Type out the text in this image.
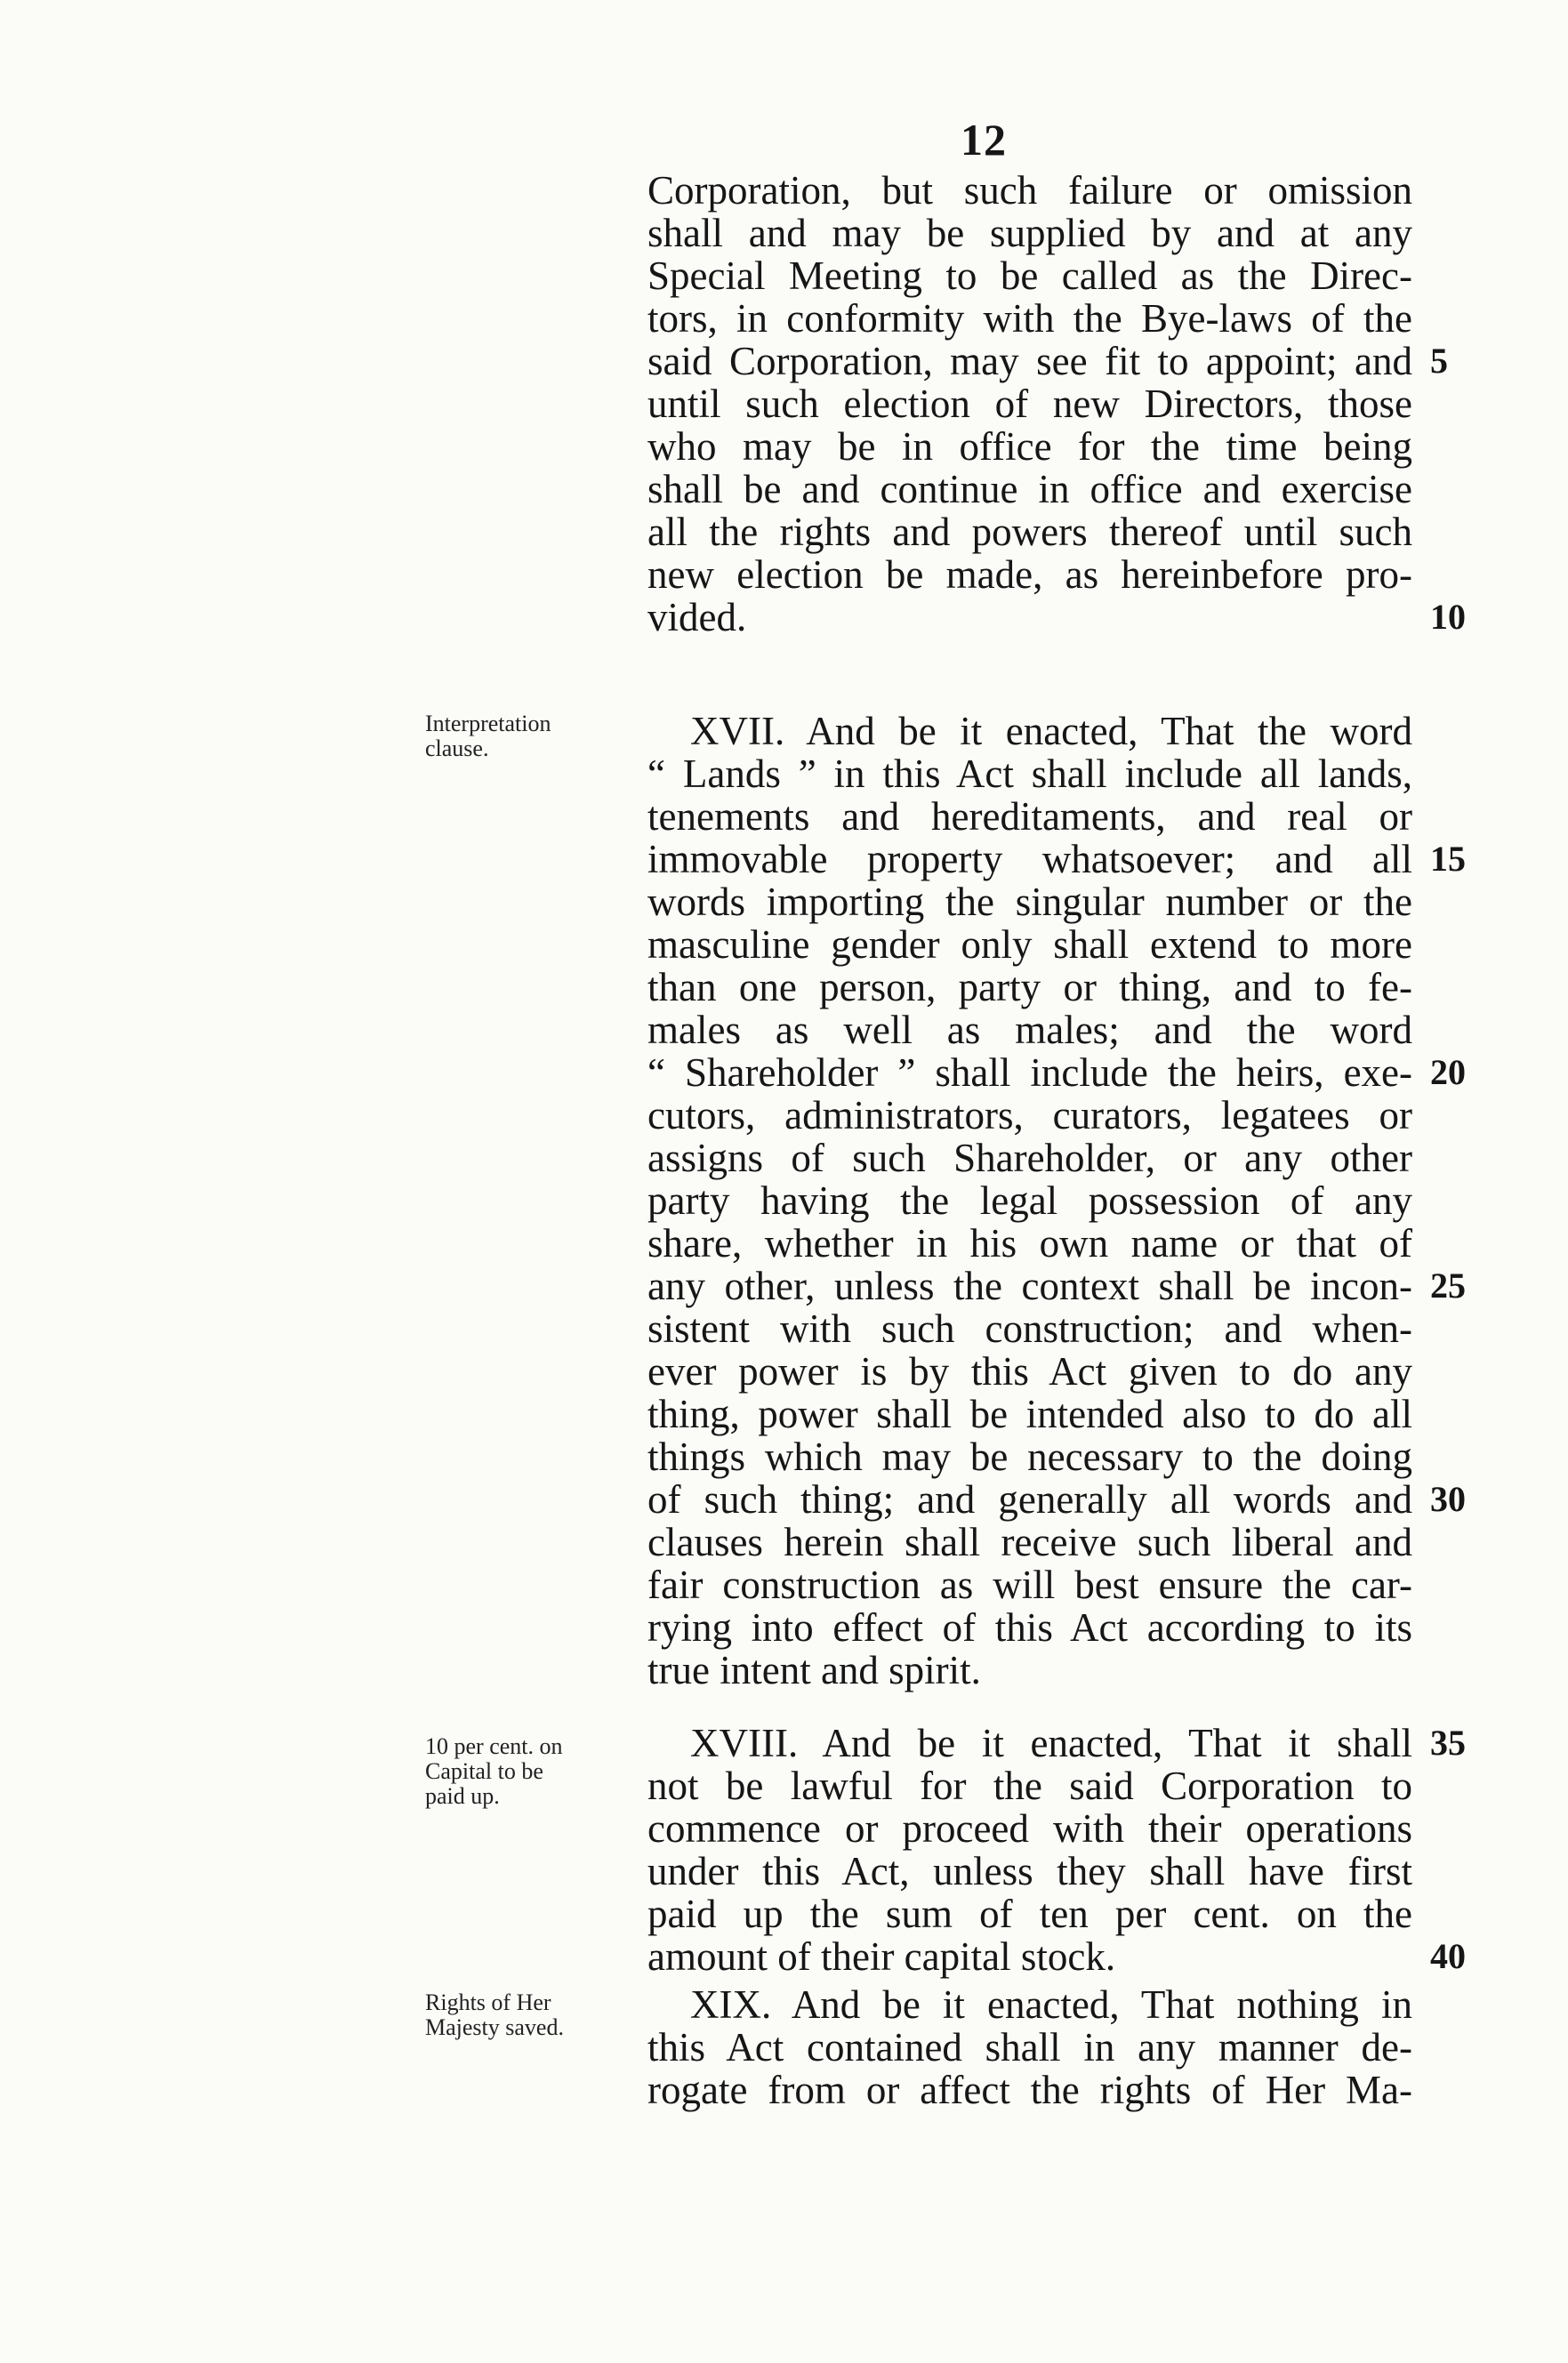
12
Corporation, but such failure or omission
shall and may be supplied by and at any
Special Meeting to be called as the Direc-
tors, in conformity with the Bye-laws of the
said Corporation, may see fit to appoint; and
until such election of new Directors, those
who may be in office for the time being
shall be and continue in office and exercise
all the rights and powers thereof until such
new election be made, as hereinbefore pro-
vided.
Interpretation
clause.	XVII. And be it enacted, That the word
“ Lands ” in this Act shall include all lands,
tenements and hereditaments, and real or
immovable property whatsoever; and all
words importing the singular number or the
masculine gender only shall extend to more
than one person, party or thing, and to fe-
males as well as males; and the word
“ Shareholder ” shall include the heirs, exe-
cutors, administrators, curators, legatees or
assigns of such Shareholder, or any other
party having the legal possession of any
share, whether in his own name or that of
any other, unless the context shall be incon-
sistent with such construction; and when-
ever power is by this Act given to do any
thing, power shall be intended also to do all
things which may be necessary to the doing
of such thing; and generally all words and
clauses herein shall receive such liberal and
fair construction as will best ensure the car-
rying into effect of this Act according to its
true intent and spirit.
10 per cent. on
Capital to be
paid up.
XVIII. And be it enacted, That it shall
not be lawful for the said Corporation to
commence or proceed with their operations
under this Act, unless they shall have first
paid up the sum of ten per cent. on the
amount of their capital stock.
Rights of Her
Majesty saved.
XIX. And be it enacted, That nothing in
this Act contained shall in any manner de-
rogate from or affect the rights of Her Ma-
5
10
15
20
25
30
35
40
